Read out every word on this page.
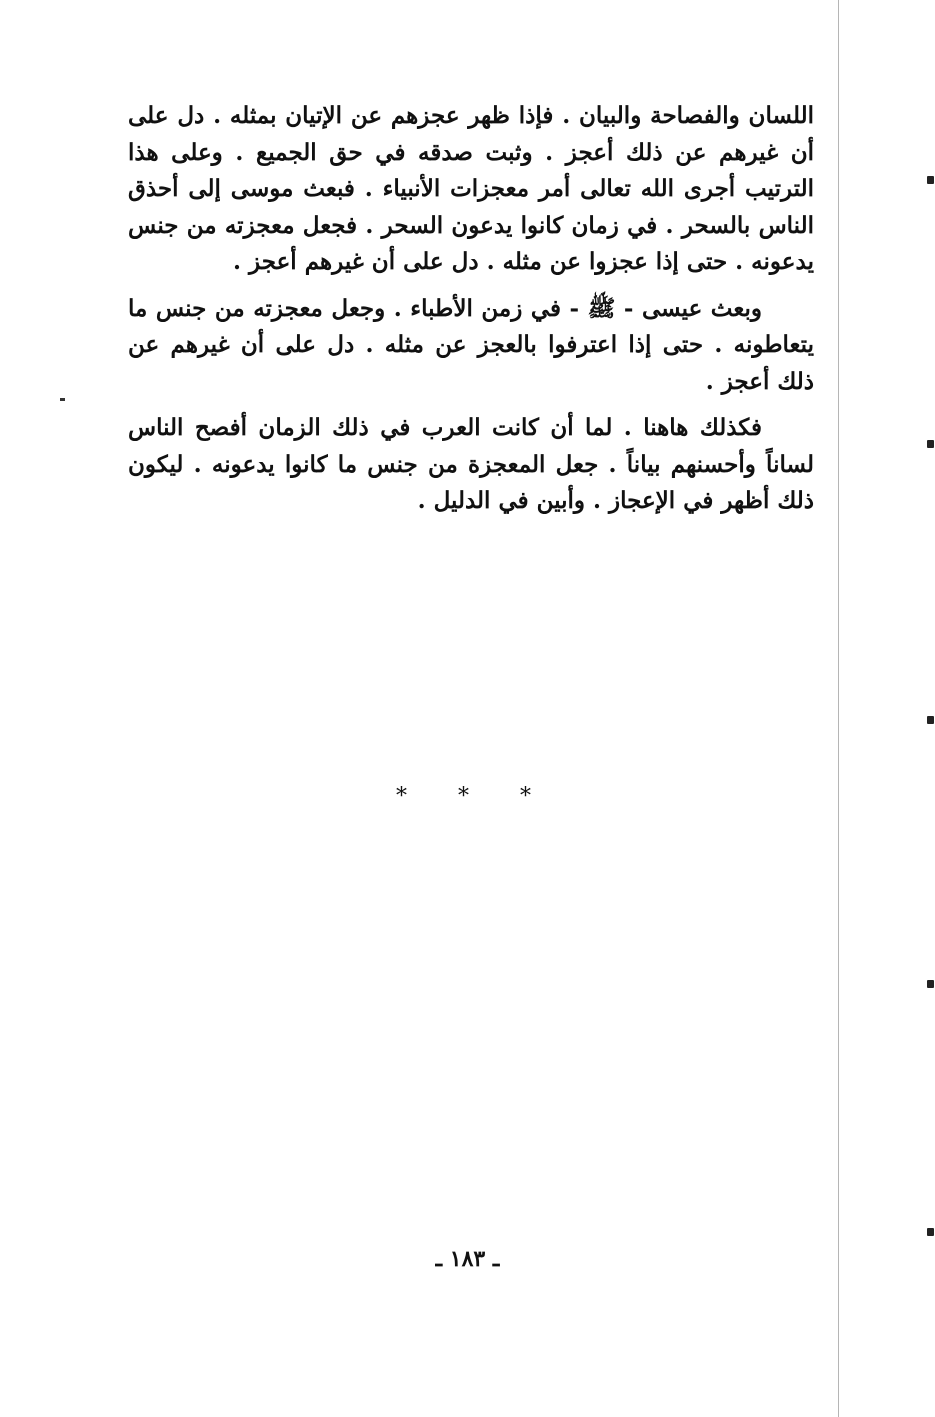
اللسان والفصاحة والبيان . فإذا ظهر عجزهم عن الإتيان بمثله . دل على أن غيرهم عن ذلك أعجز . وثبت صدقه في حق الجميع . وعلى هذا الترتيب أجرى الله تعالى أمر معجزات الأنبياء . فبعث موسى إلى أحذق الناس بالسحر . في زمان كانوا يدعون السحر . فجعل معجزته من جنس يدعونه . حتى إذا عجزوا عن مثله . دل على أن غيرهم أعجز .

وبعث عيسى - ﷺ - في زمن الأطباء . وجعل معجزته من جنس ما يتعاطونه . حتى إذا اعترفوا بالعجز عن مثله . دل على أن غيرهم عن ذلك أعجز .

فكذلك هاهنا . لما أن كانت العرب في ذلك الزمان أفصح الناس لساناً وأحسنهم بياناً . جعل المعجزة من جنس ما كانوا يدعونه . ليكون ذلك أظهر في الإعجاز . وأبين في الدليل .

* * *
ـ ١٨٣ ـ
